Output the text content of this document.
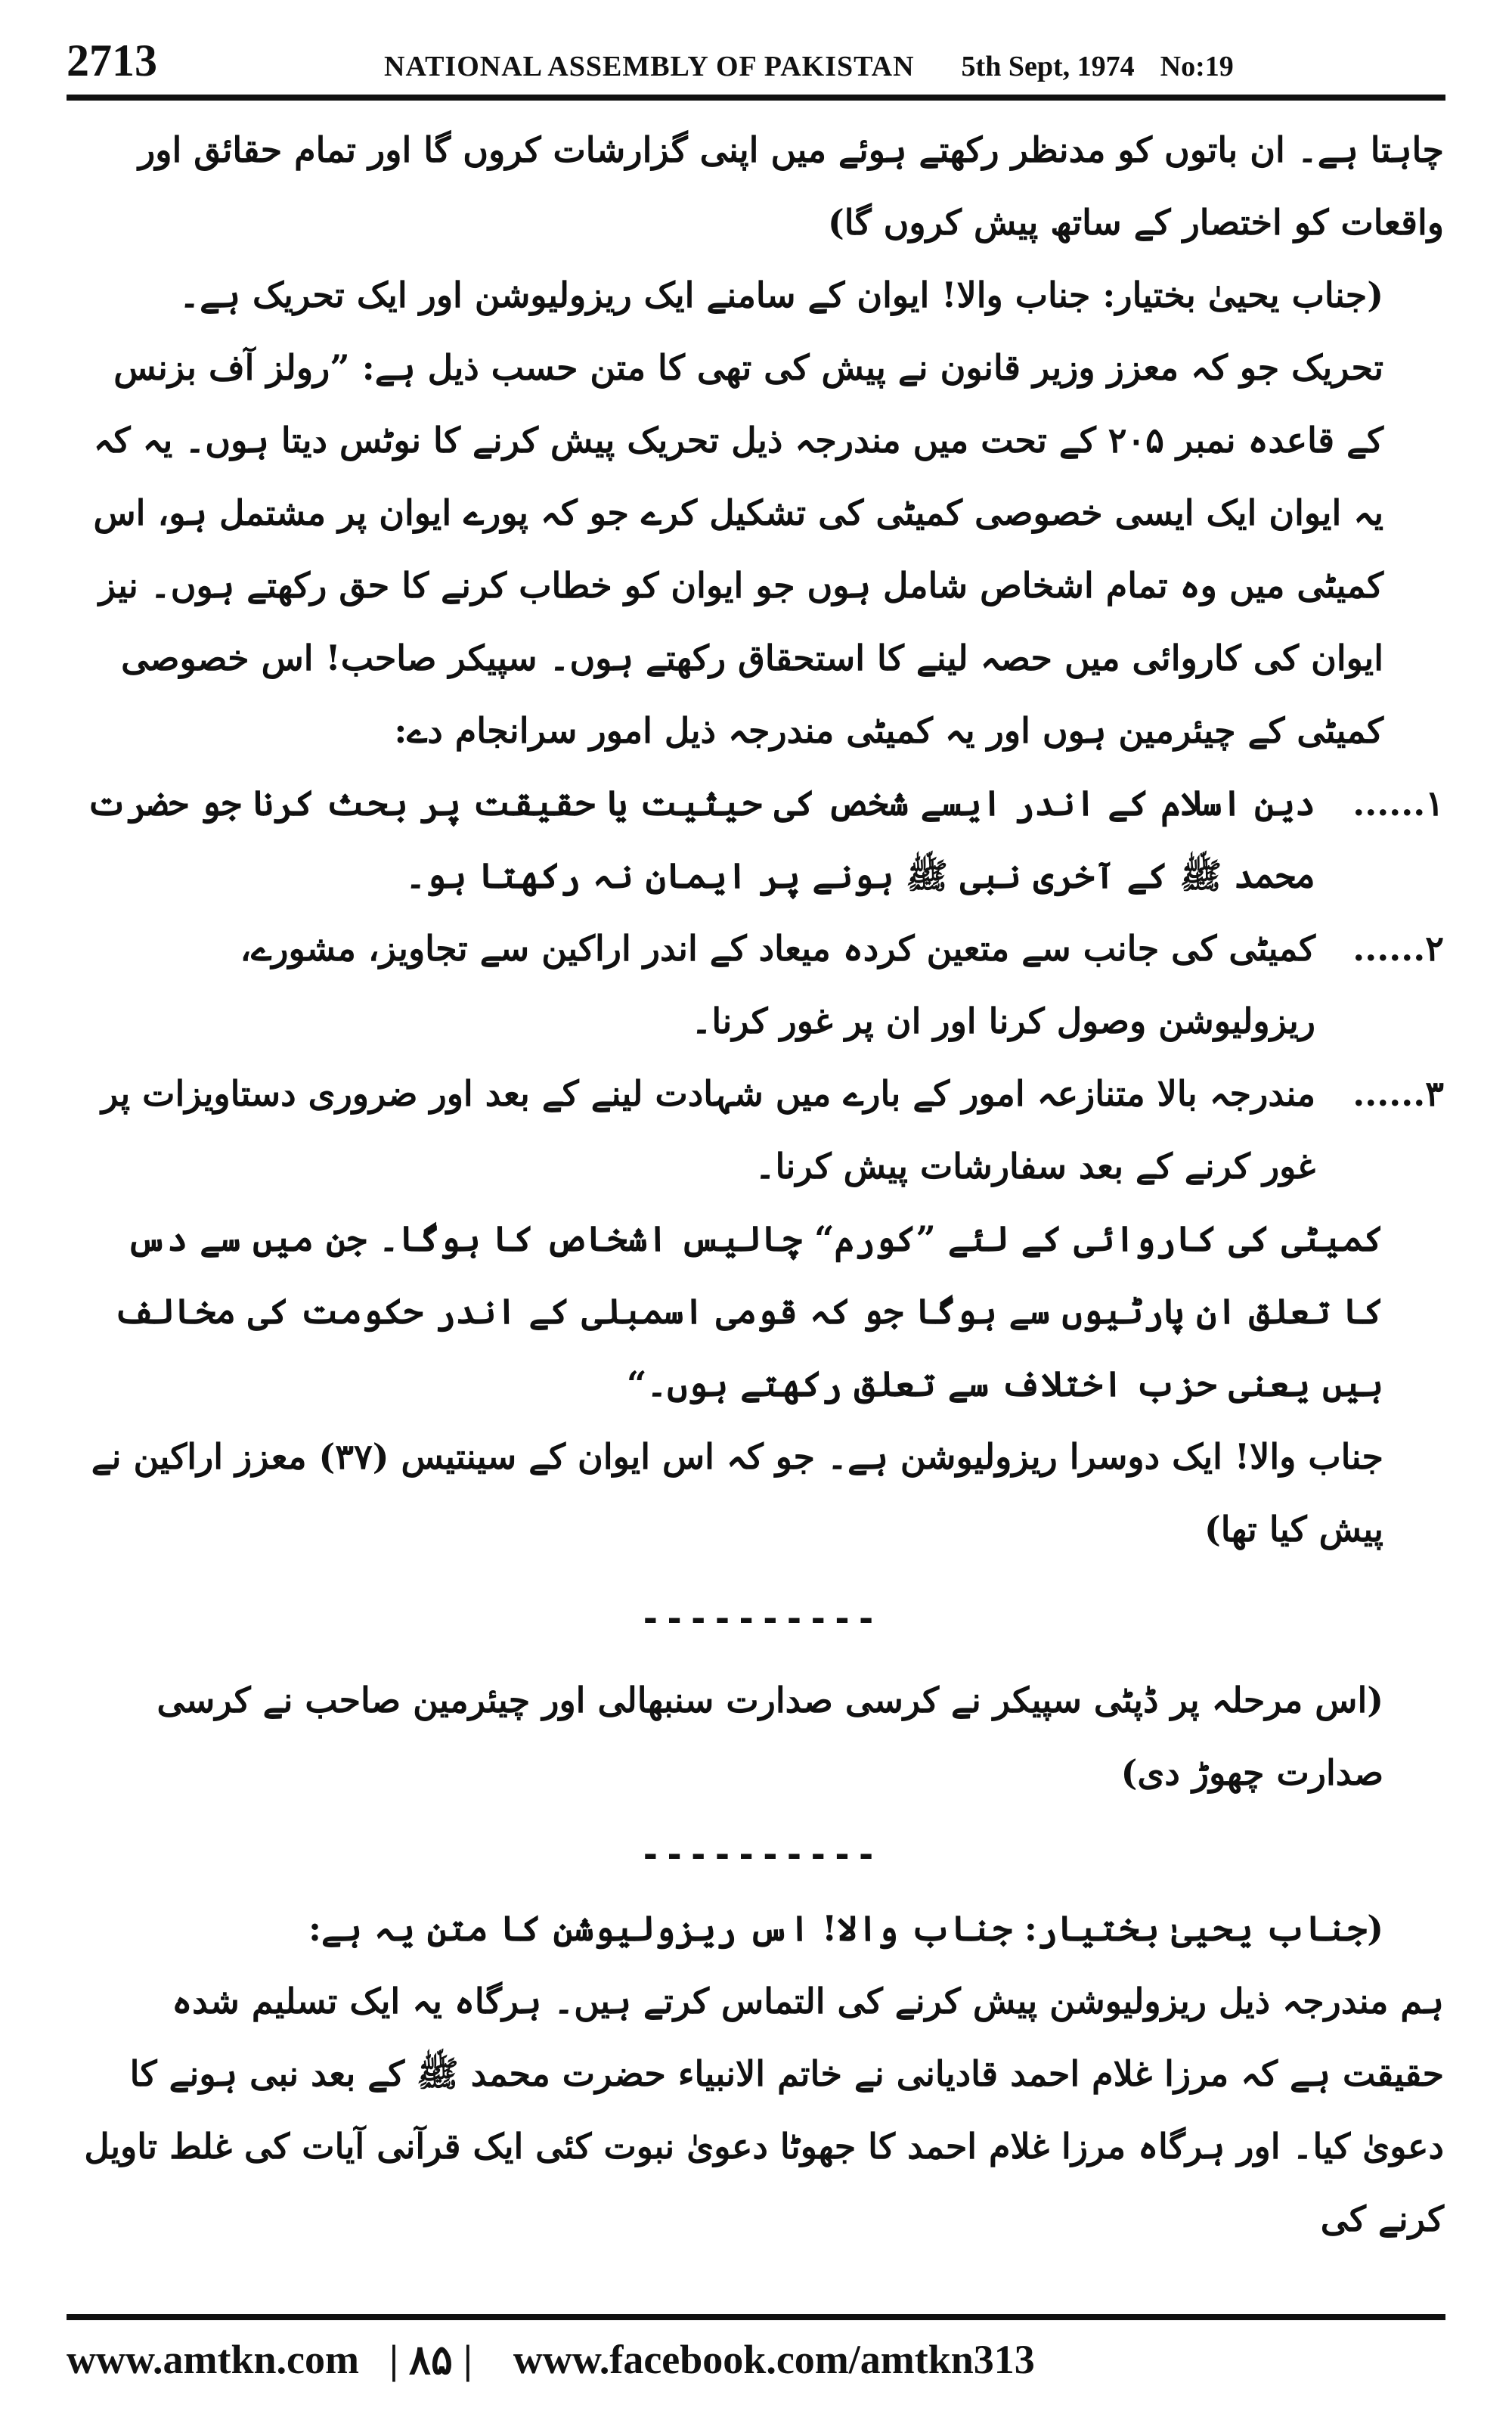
2713	NATIONAL ASSEMBLY OF PAKISTAN 5th Sept, 1974 No:19

چاہتا ہے۔ ان باتوں کو مدنظر رکھتے ہوئے میں اپنی گزارشات کروں گا اور تمام حقائق اور واقعات کو اختصار کے ساتھ پیش کروں گا)

(جناب یحییٰ بختیار: جناب والا! ایوان کے سامنے ایک ریزولیوشن اور ایک تحریک ہے۔ تحریک جو کہ معزز وزیر قانون نے پیش کی تھی کا متن حسب ذیل ہے: ”رولز آف بزنس کے قاعدہ نمبر ۲۰۵ کے تحت میں مندرجہ ذیل تحریک پیش کرنے کا نوٹس دیتا ہوں۔ یہ کہ یہ ایوان ایک ایسی خصوصی کمیٹی کی تشکیل کرے جو کہ پورے ایوان پر مشتمل ہو، اس کمیٹی میں وہ تمام اشخاص شامل ہوں جو ایوان کو خطاب کرنے کا حق رکھتے ہوں۔ نیز ایوان کی کاروائی میں حصہ لینے کا استحقاق رکھتے ہوں۔ سپیکر صاحب! اس خصوصی کمیٹی کے چیئرمین ہوں اور یہ کمیٹی مندرجہ ذیل امور سرانجام دے:

۱......

دین اسلام کے اندر ایسے شخص کی حیثیت یا حقیقت پر بحث کرنا جو حضرت محمد ﷺ کے آخری نبی ﷺ ہونے پر ایمان نہ رکھتا ہو۔

۲......

کمیٹی کی جانب سے متعین کردہ میعاد کے اندر اراکین سے تجاویز، مشورے، ریزولیوشن وصول کرنا اور ان پر غور کرنا۔

۳......

مندرجہ بالا متنازعہ امور کے بارے میں شہادت لینے کے بعد اور ضروری دستاویزات پر غور کرنے کے بعد سفارشات پیش کرنا۔

کمیٹی کی کاروائی کے لئے ”کورم“ چالیس اشخاص کا ہوگا۔ جن میں سے دس کا تعلق ان پارٹیوں سے ہوگا جو کہ قومی اسمبلی کے اندر حکومت کی مخالف ہیں یعنی حزب اختلاف سے تعلق رکھتے ہوں۔“

جناب والا! ایک دوسرا ریزولیوشن ہے۔ جو کہ اس ایوان کے سینتیس (۳۷) معزز اراکین نے پیش کیا تھا)

----------

(اس مرحلہ پر ڈپٹی سپیکر نے کرسی صدارت سنبھالی اور چیئرمین صاحب نے کرسی صدارت چھوڑ دی)

----------

(جناب یحییٰ بختیار: جناب والا! اس ریزولیوشن کا متن یہ ہے:

ہم مندرجہ ذیل ریزولیوشن پیش کرنے کی التماس کرتے ہیں۔ ہرگاہ یہ ایک تسلیم شدہ حقیقت ہے کہ مرزا غلام احمد قادیانی نے خاتم الانبیاء حضرت محمد ﷺ کے بعد نبی ہونے کا دعویٰ کیا۔ اور ہرگاہ مرزا غلام احمد کا جھوٹا دعویٰ نبوت کئی ایک قرآنی آیات کی غلط تاویل کرنے کی

www.amtkn.com | ۸۵ | www.facebook.com/amtkn313
